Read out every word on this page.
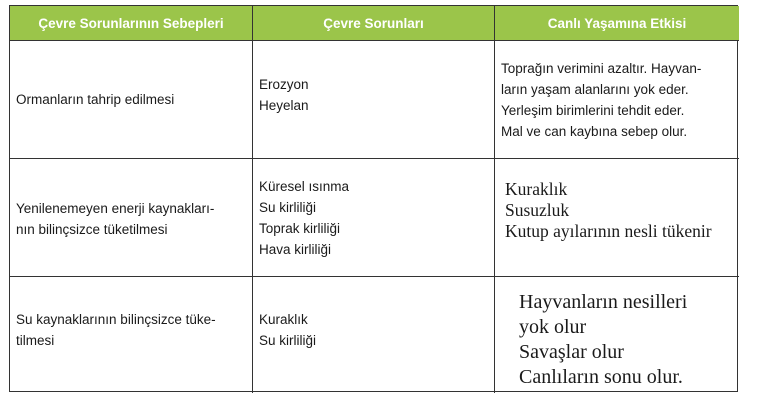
Çevre Sorunlarının Sebepleri	Çevre Sorunları	Canlı Yaşamına Etkisi
Ormanların tahrip edilmesi
Erozyon
Heyelan
Toprağın verimini azaltır. Hayvan-
ların yaşam alanlarını yok eder.
Yerleşim birimlerini tehdit eder.
Mal ve can kaybına sebep olur.
Yenilenemeyen enerji kaynakları-
nın bilinçsizce tüketilmesi
Küresel ısınma
Su kirliliği
Toprak kirliliği
Hava kirliliği
Kuraklık
Susuzluk
Kutup ayılarının nesli tükenir
Su kaynaklarının bilinçsizce tüke-
tilmesi
Kuraklık
Su kirliliği
Hayvanların nesilleri
yok olur
Savaşlar olur
Canlıların sonu olur.
